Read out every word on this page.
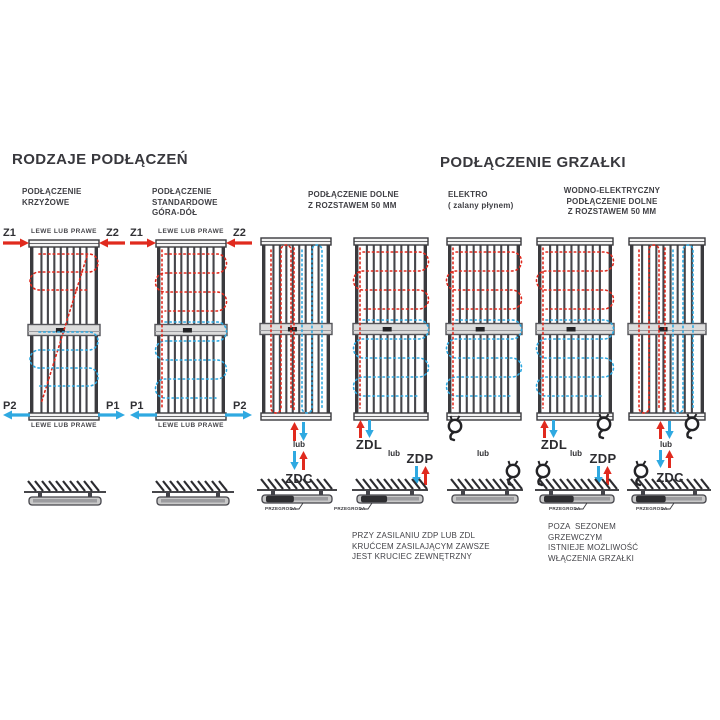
RODZAJE PODŁĄCZEŃ	PODŁĄCZENIE GRZAŁKI
Z1	Z2
LEWE LUB PRAWE
P2	P1
LEWE LUB PRAWE
Z1	Z2
LEWE LUB PRAWE
P1	P2
LEWE LUB PRAWE
lub
ZDC
ZDL
lub ZDP	lub
ZDL
lub ZDP
lub
ZDC
PRZEGRODA	PRZEGRODA	PRZEGRODA	PRZEGRODA
PODŁĄCZENIE
KRZYŻOWE
PODŁĄCZENIE
STANDARDOWE
GÓRA-DÓŁ
PODŁĄCZENIE DOLNE
Z ROZSTAWEM 50 MM
ELEKTRO
( zalany płynem)
WODNO-ELEKTRYCZNY
PODŁĄCZENIE DOLNE
Z ROZSTAWEM 50 MM
PRZY ZASILANIU ZDP LUB ZDL
KRUĆCEM ZASILAJĄCYM ZAWSZE
JEST KRUCIEC ZEWNĘTRZNY
POZA  SEZONEM
GRZEWCZYM
ISTNIEJE MOŻLIWOŚĆ
WŁĄCZENIA GRZAŁKI
